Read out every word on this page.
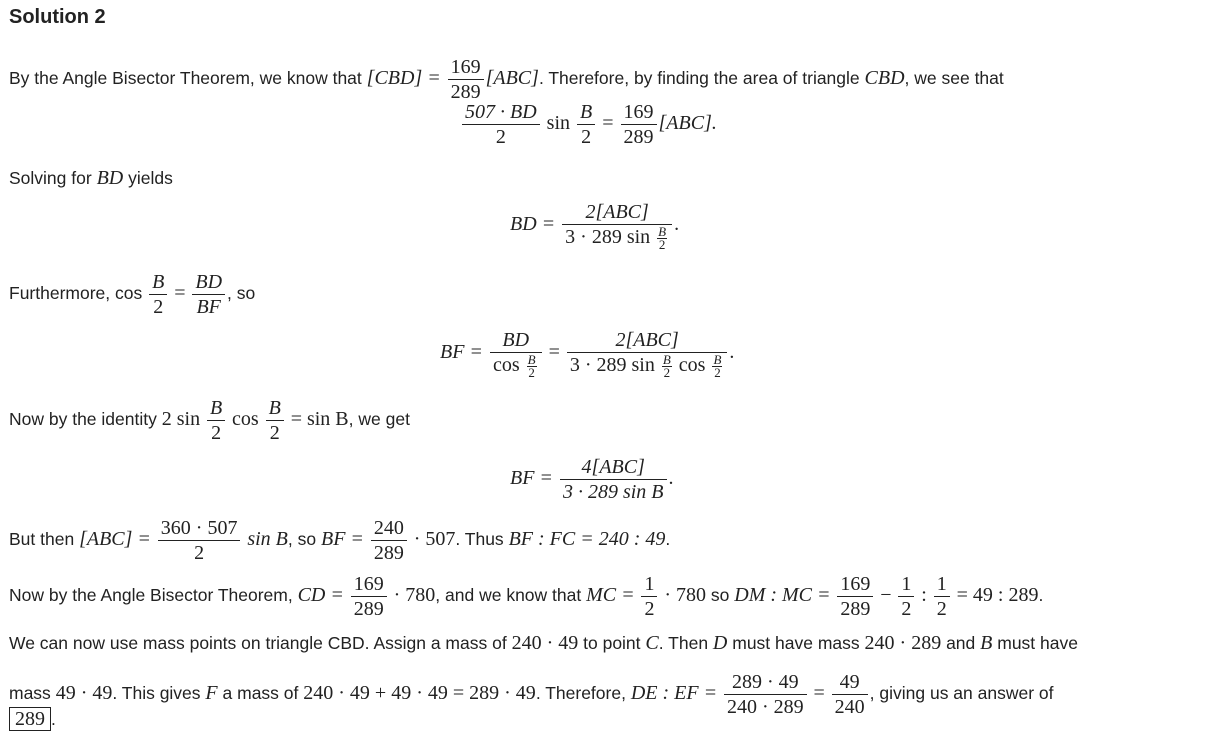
Solution 2
By the Angle Bisector Theorem, we know that $[CBD] = \frac{169}{289} [ABC]$. Therefore, by finding the area of triangle CBD, we see that
$\frac{507 \cdot BD}{2}$ $\sin \frac{B}{2} = \frac{169}{289} [ABC]$.
Solving for BD yields
BD = $\frac{\text{2[ABC]}}{3 \cdot 289 \sin \frac{B}{2}}$ .
Furthermore, $\cos \frac{B}{2} = \frac{BD}{BF}$ , so
BF = $\frac{BD}{\cos \frac{B}{2}} = \frac{\text{2[ABC]}}{3 \cdot 289 \sin \frac{B}{2} \cos \frac{B}{2}}$ .
Now by the identity 2 $\sin \frac{B}{2}$ $\cos \frac{B}{2} = \sin B$, we get
BF = $\frac{\text{4[ABC]}}{\text{3 · 289 sin B}}$ .
But then $[ABC] = \frac{360 \cdot 507}{2}$ sin B, so BF = $\frac{240}{289} \cdot 507$. Thus BF : FC = 240 : 49.
Now by the Angle Bisector Theorem, CD = $\frac{169}{289} \cdot 780$, and we know that MC = $\frac{1}{2} \cdot 780$ so DM : MC = $\frac{169}{289} - \frac{1}{2}$ : $\frac{1}{2} = 49$ : 289.
We can now use mass points on triangle CBD. Assign a mass of 240 · 49 to point C. Then D must have mass 240 · 289 and B must have
mass 49 · 49. This gives F a mass of 240 · 49 + 49 · 49 = 289 · 49. Therefore, DE : EF = $\frac{289 \cdot 49}{240 \cdot 289} = \frac{49}{240}$ , giving us an answer of
289 .
